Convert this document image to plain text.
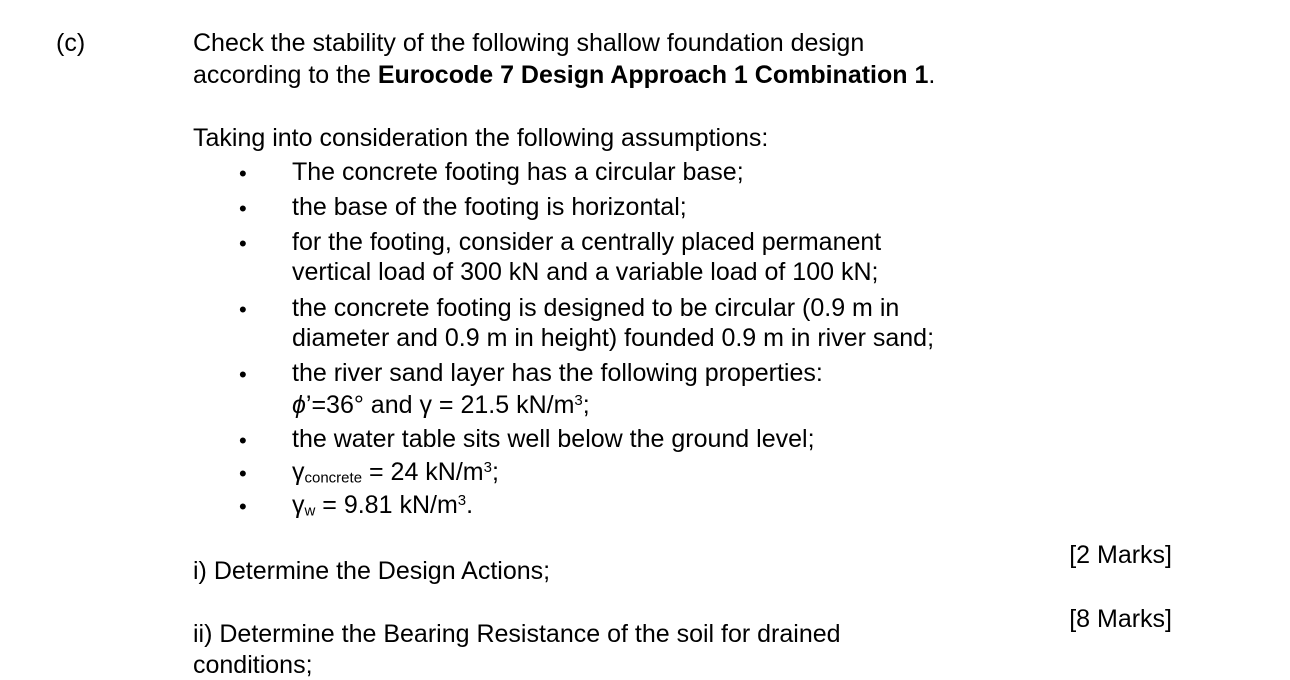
(c)	Check the stability of the following shallow foundation design
according to the Eurocode 7 Design Approach 1 Combination 1.
Taking into consideration the following assumptions:
• The concrete footing has a circular base;
• the base of the footing is horizontal;
• for the footing, consider a centrally placed permanent
vertical load of 300 kN and a variable load of 100 kN;
• the concrete footing is designed to be circular (0.9 m in
diameter and 0.9 m in height) founded 0.9 m in river sand;
• the river sand layer has the following properties:
ϕ’=36° and γ = 21.5 $kN/m^3$;
• the water table sits well below the ground level;
• $\gamma_{concrete} = 24$ $kN/m^3$;
• $\gamma_w = 9.81$ $kN/m^3$.
i) Determine the Design Actions;
[2 Marks]
ii) Determine the Bearing Resistance of the soil for drained
conditions;
[8 Marks]
